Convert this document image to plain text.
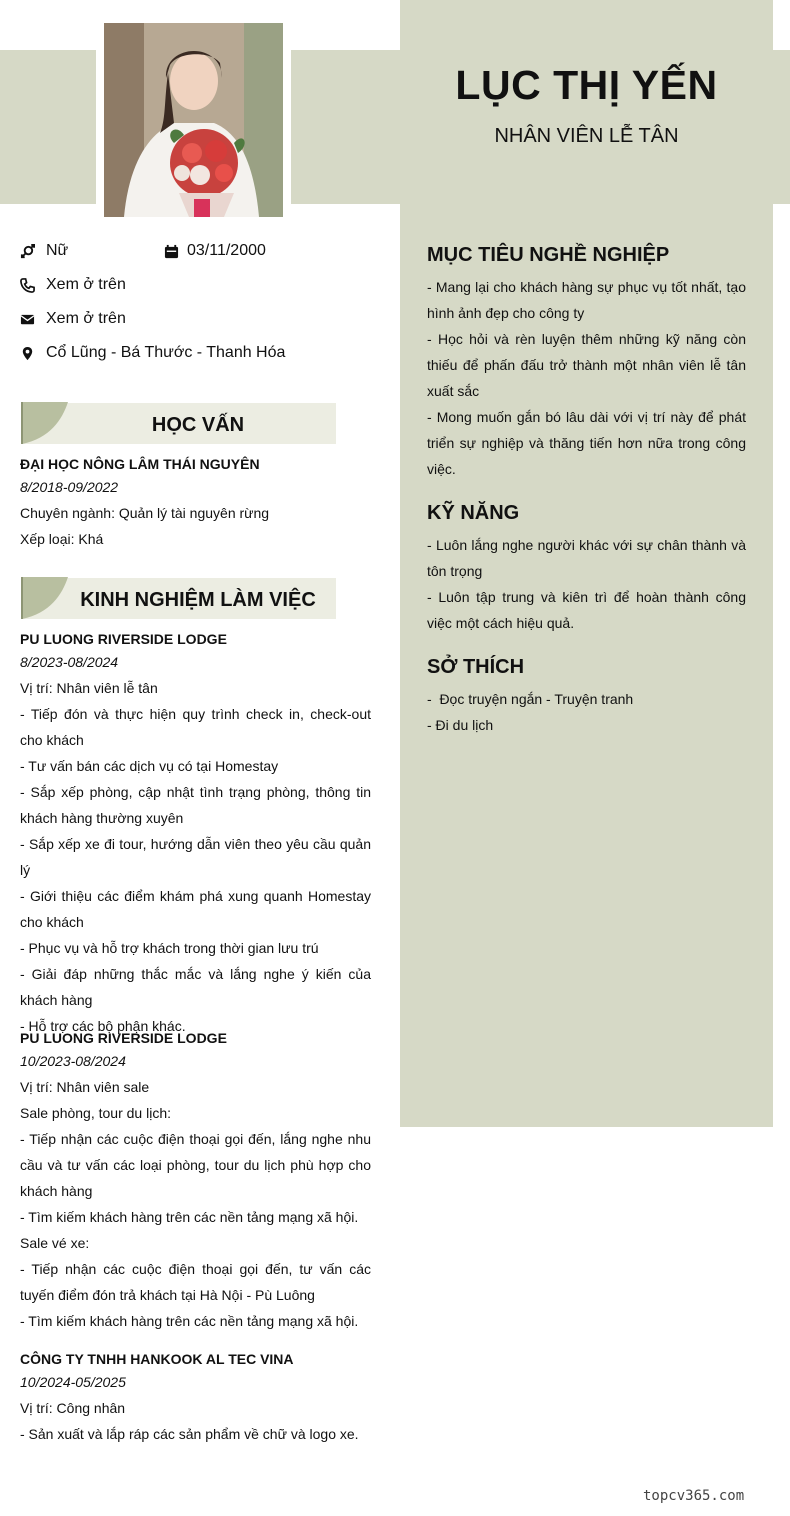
LỤC THỊ YẾN
NHÂN VIÊN LỄ TÂN
Nữ	03/11/2000
Xem ở trên
Xem ở trên
Cổ Lũng - Bá Thước - Thanh Hóa
HỌC VẤN
ĐẠI HỌC NÔNG LÂM THÁI NGUYÊN
8/2018-09/2022

Chuyên ngành: Quản lý tài nguyên rừng

Xếp loại: Khá

KINH NGHIỆM LÀM VIỆC
PU LUONG RIVERSIDE LODGE
8/2023-08/2024

Vị trí: Nhân viên lễ tân

- Tiếp đón và thực hiện quy trình check in, check-out cho khách

- Tư vấn bán các dịch vụ có tại Homestay

- Sắp xếp phòng, cập nhật tình trạng phòng, thông tin khách hàng thường xuyên

- Sắp xếp xe đi tour, hướng dẫn viên theo yêu cầu quản lý

- Giới thiệu các điểm khám phá xung quanh Homestay cho khách

- Phục vụ và hỗ trợ khách trong thời gian lưu trú

- Giải đáp những thắc mắc và lắng nghe ý kiến của khách hàng

- Hỗ trợ các bộ phận khác.

PU LUONG RIVERSIDE LODGE
10/2023-08/2024

Vị trí: Nhân viên sale

Sale phòng, tour du lịch:

- Tiếp nhận các cuộc điện thoại gọi đến, lắng nghe nhu cầu và tư vấn các loại phòng, tour du lịch phù hợp cho khách hàng

- Tìm kiếm khách hàng trên các nền tảng mạng xã hội.

Sale vé xe:

- Tiếp nhận các cuộc điện thoại gọi đến, tư vấn các tuyến điểm đón trả khách tại Hà Nội - Pù Luông

- Tìm kiếm khách hàng trên các nền tảng mạng xã hội.

CÔNG TY TNHH HANKOOK AL TEC VINA
10/2024-05/2025

Vị trí: Công nhân

- Sản xuất và lắp ráp các sản phẩm về chữ và logo xe.

MỤC TIÊU NGHỀ NGHIỆP

- Mang lại cho khách hàng sự phục vụ tốt nhất, tạo hình ảnh đẹp cho công ty

- Học hỏi và rèn luyện thêm những kỹ năng còn thiếu để phấn đấu trở thành một nhân viên lễ tân xuất sắc

- Mong muốn gắn bó lâu dài với vị trí này để phát triển sự nghiệp và thăng tiến hơn nữa trong công việc.

KỸ NĂNG

- Luôn lắng nghe người khác với sự chân thành và tôn trọng

- Luôn tập trung và kiên trì để hoàn thành công việc một cách hiệu quả.

SỞ THÍCH

-  Đọc truyện ngắn - Truyện tranh

- Đi du lịch

topcv365.com
